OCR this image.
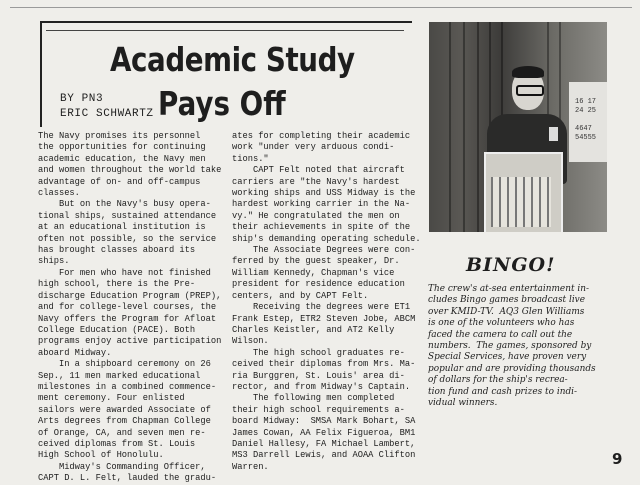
Academic Study
Pays Off
BY PN3
ERIC SCHWARTZ
The Navy promises its personnel
the opportunities for continuing
academic education, the Navy men
and women throughout the world take
advantage of on- and off-campus
classes.
But on the Navy's busy opera-
tional ships, sustained attendance
at an educational institution is
often not possible, so the service
has brought classes aboard its
ships.
For men who have not finished
high school, there is the Pre-
discharge Education Program (PREP),
and for college-level courses, the
Navy offers the Program for Afloat
College Education (PACE). Both
programs enjoy active participation
aboard Midway.
In a shipboard ceremony on 26
Sep., 11 men marked educational
milestones in a combined commence-
ment ceremony. Four enlisted
sailors were awarded Associate of
Arts degrees from Chapman College
of Orange, CA, and seven men re-
ceived diplomas from St. Louis
High School of Honolulu.
Midway's Commanding Officer,
CAPT D. L. Felt, lauded the gradu-
ates for completing their academic
work "under very arduous condi-
tions."
CAPT Felt noted that aircraft
carriers are "the Navy's hardest
working ships and USS Midway is the
hardest working carrier in the Na-
vy." He congratulated the men on
their achievements in spite of the
ship's demanding operating schedule.
The Associate Degrees were con-
ferred by the guest speaker, Dr.
William Kennedy, Chapman's vice
president for residence education
centers, and by CAPT Felt.
Receiving the degrees were ET1
Frank Estep, ETR2 Steven Jobe, ABCM
Charles Keistler, and AT2 Kelly
Wilson.
The high school graduates re-
ceived their diplomas from Mrs. Ma-
ria Burggren, St. Louis' area di-
rector, and from Midway's Captain.
The following men completed
their high school requirements a-
board Midway:  SMSA Mark Bohart, SA
James Cowan, AA Felix Figueroa, BM1
Daniel Hallesy, FA Michael Lambert,
MS3 Darrell Lewis, and AOAA Clifton
Warren.
16 17
24 25

4647
54555
BINGO!
The crew's at-sea entertainment in-
cludes Bingo games broadcast live
over KMID-TV.  AQ3 Glen Williams
is one of the volunteers who has
faced the camera to call out the
numbers.  The games, sponsored by
Special Services, have proven very
popular and are providing thousands
of dollars for the ship's recrea-
tion fund and cash prizes to indi-
vidual winners.
9
